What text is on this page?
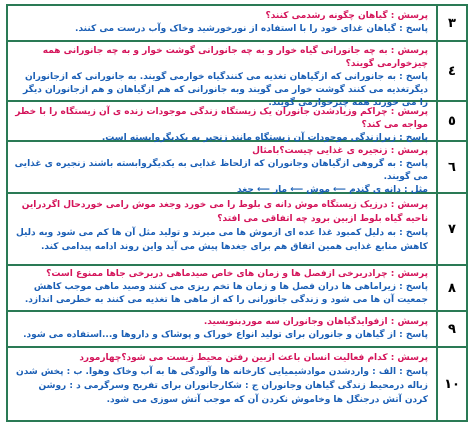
۳
پرسش : گیاهان چگونه رشدمی کنند؟
پاسخ : گیاهان غذای خود را با استفاده از نورخورشید وخاک وآب درست می کنند.
٤
پرسش : به چه جانورانی گیاه خوار و به چه جانورانی گوشت خوار و به چه جانورانی همه چیزخوارمی گویند؟
پاسخ : به جانورانی که ازگیاهان تغذیه می کنندگیاه خوارمی گویند. به جانورانی که ازجانوران دیگرتغذیه می کنند گوشت خوار می گویند وبه جانورانی که هم ازگیاهان و هم ازجانوران دیگر را می خورند همه چیزخوارمی گویند.
٥
پرسش : چراکم وزیادشدن جانوران یک زیستگاه زندگی موجودات زنده ی آن زیستگاه را با خطر مواجه می کند؟
پاسخ : زیرازندگی موجودات آن زیستگاه مانند زنجیر به یکدیگروابسته است.
٦
پرسش : زنجیره ی غذایی چیست؟بامثال
پاسخ : به گروهی ازگیاهان وجانوران که ازلحاظ غذایی به یکدیگروابسته باشند زنجیره ی غذایی می گویند.
مثل : دانه ی گندم ⟵ موش ⟵ مار ⟵ جغد
٧
پرسش : درزیک زیستگاه موش دانه ی بلوط را می خورد وجغد موش رامی خوردحال اگردراین ناحیه گیاه بلوط ازبین برود چه اتفاقی می افتد؟
پاسخ : به دلیل کمبود غذا عده ای ازموش ها می میرند و تولید مثل آن ها کم می شود وبه دلیل کاهش منابع غذایی همین اتفاق هم برای جغدها پیش می آید واین روند ادامه پیدامی کند.
٨
پرسش : چرادربرخی ازفصل ها و زمان های خاص صیدماهی دربرخی جاها ممنوع است؟
پاسخ : زیراماهی ها دران فصل ها و زمان ها تخم ریزی می کنند وصید ماهی موجب کاهش جمعیت آن ها می شود و زندگی جانورانی را که از ماهی ها تغذیه می کنند به خطرمی اندازد.
٩
پرسش : ازفوایدگیاهان وجانوران سه موردبنویسید.
پاسخ : از گیاهان و جانوران برای تولید انواع خوراک و پوشاک و داروها و...استفاده می شود.
١٠
پرسش : کدام فعالیت انسان باعث ازبین رفتن محیط زیست می شود؟چهارمورد
پاسخ : الف : واردشدن موادشیمیایی کارخانه ها وآلودگی ها به آب وخاک وهوا. ب : پخش شدن زباله درمحیط زندگی گیاهان وجانوران ج : شکارجانوران برای تفریح وسرگرمی د : روشن کردن آتش درجنگل ها وخاموش نکردن آن که موجب آتش سوزی می شود.
